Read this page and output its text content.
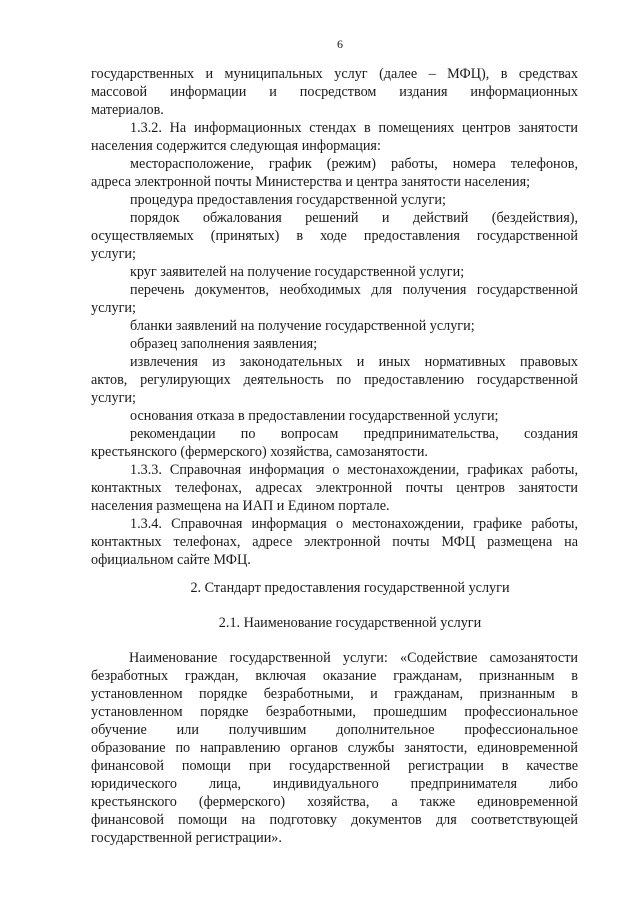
6
государственных и муниципальных услуг (далее – МФЦ), в средствах
массовой информации и посредством издания информационных
материалов.
1.3.2. На информационных стендах в помещениях центров занятости
населения содержится следующая информация:
месторасположение, график (режим) работы, номера телефонов,
адреса электронной почты Министерства и центра занятости населения;
процедура предоставления государственной услуги;
порядок обжалования решений и действий (бездействия),
осуществляемых (принятых) в ходе предоставления государственной
услуги;
круг заявителей на получение государственной услуги;
перечень документов, необходимых для получения государственной
услуги;
бланки заявлений на получение государственной услуги;
образец заполнения заявления;
извлечения из законодательных и иных нормативных правовых
актов, регулирующих деятельность по предоставлению государственной
услуги;
основания отказа в предоставлении государственной услуги;
рекомендации по вопросам предпринимательства, создания
крестьянского (фермерского) хозяйства, самозанятости.
1.3.3. Справочная информация о местонахождении, графиках работы,
контактных телефонах, адресах электронной почты центров занятости
населения размещена на ИАП и Едином портале.
1.3.4. Справочная информация о местонахождении, графике работы,
контактных телефонах, адресе электронной почты МФЦ размещена на
официальном сайте МФЦ.
2. Стандарт предоставления государственной услуги
2.1. Наименование государственной услуги
Наименование государственной услуги: «Содействие самозанятости
безработных граждан, включая оказание гражданам, признанным в
установленном порядке безработными, и гражданам, признанным в
установленном порядке безработными, прошедшим профессиональное
обучение или получившим дополнительное профессиональное
образование по направлению органов службы занятости, единовременной
финансовой помощи при государственной регистрации в качестве
юридического лица, индивидуального предпринимателя либо
крестьянского (фермерского) хозяйства, а также единовременной
финансовой помощи на подготовку документов для соответствующей
государственной регистрации».
